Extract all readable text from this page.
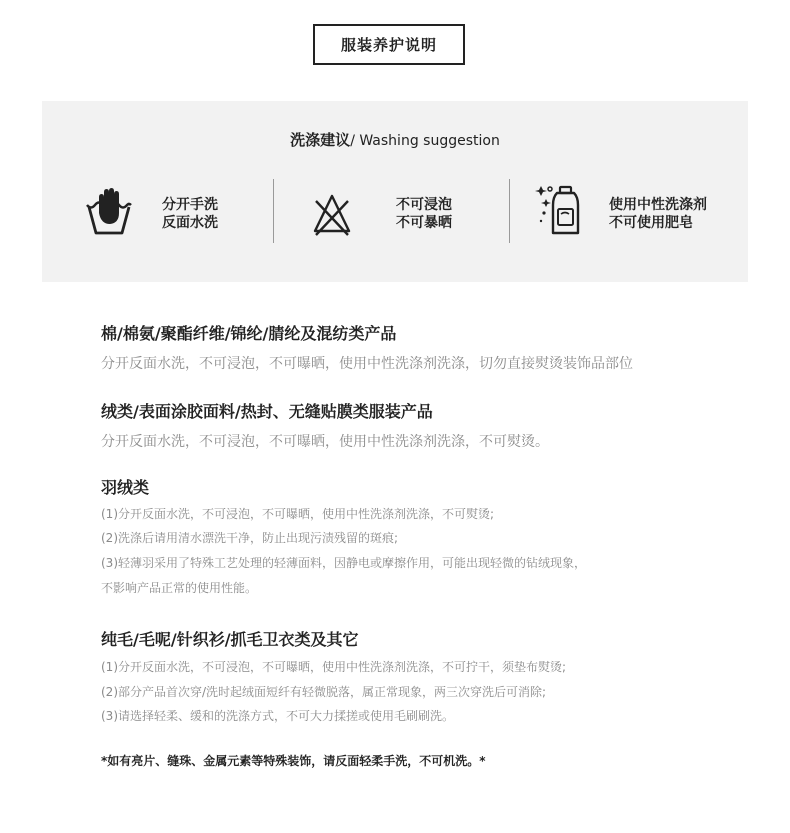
服装养护说明
洗涤建议/ Washing suggestion
分开手洗
反面水洗
不可浸泡
不可暴晒
使用中性洗涤剂
不可使用肥皂
棉/棉氨/聚酯纤维/锦纶/腈纶及混纺类产品
分开反面水洗，不可浸泡，不可曝晒，使用中性洗涤剂洗涤，切勿直接熨烫装饰品部位
绒类/表面涂胶面料/热封、无缝贴膜类服装产品
分开反面水洗，不可浸泡，不可曝晒，使用中性洗涤剂洗涤，不可熨烫。
羽绒类
(1)分开反面水洗，不可浸泡，不可曝晒，使用中性洗涤剂洗涤，不可熨烫;
(2)洗涤后请用清水漂洗干净，防止出现污渍残留的斑痕;
(3)轻薄羽采用了特殊工艺处理的轻薄面料，因静电或摩擦作用，可能出现轻微的钻绒现象，
不影响产品正常的使用性能。
纯毛/毛呢/针织衫/抓毛卫衣类及其它
(1)分开反面水洗，不可浸泡，不可曝晒，使用中性洗涤剂洗涤，不可拧干，须垫布熨烫;
(2)部分产品首次穿/洗时起绒面短纤有轻微脱落，属正常现象，两三次穿洗后可消除;
(3)请选择轻柔、缓和的洗涤方式，不可大力揉搓或使用毛刷刷洗。
*如有亮片、缝珠、金属元素等特殊装饰，请反面轻柔手洗，不可机洗。*
